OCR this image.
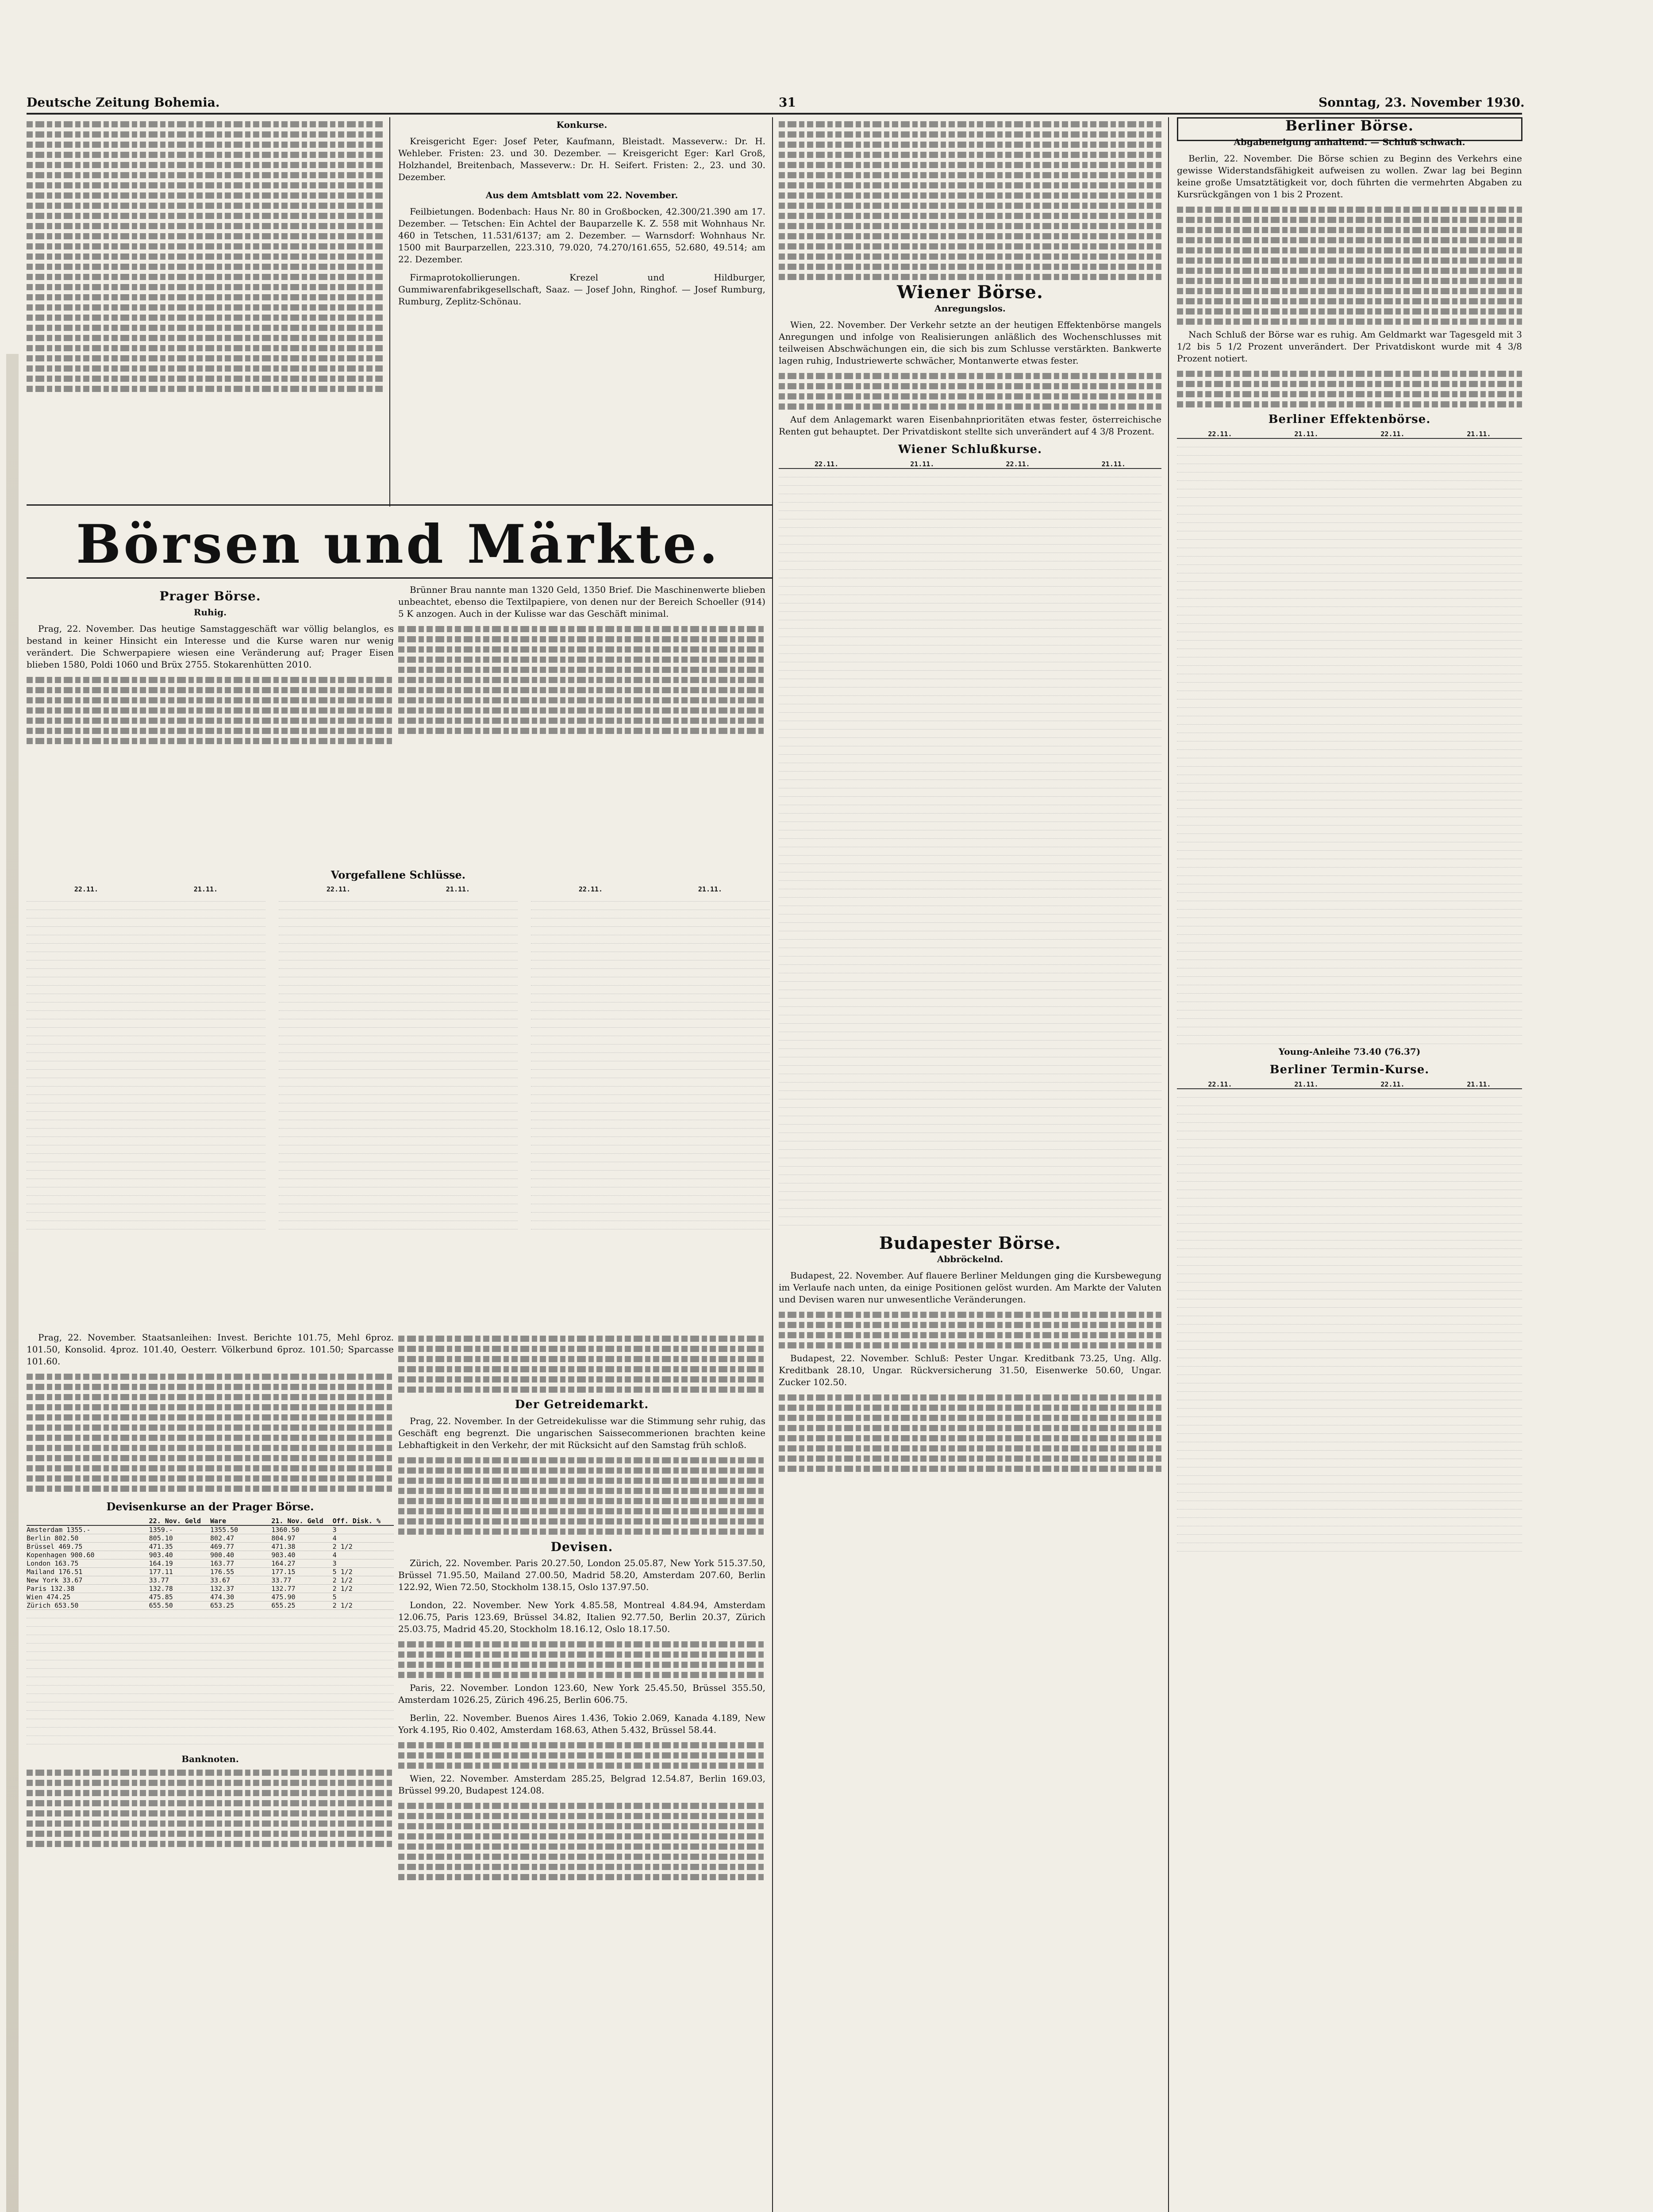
Deutsche Zeitung Bohemia.	31	Sonntag, 23. November 1930.
Konkurse.

Kreisgericht Eger: Josef Peter, Kaufmann, Bleistadt. Masseverw.: Dr. H. Wehleber. Fristen: 23. und 30. Dezember. — Kreisgericht Eger: Karl Groß, Holzhandel, Breitenbach, Masseverw.: Dr. H. Seifert. Fristen: 2., 23. und 30. Dezember.

Aus dem Amtsblatt vom 22. November.

Feilbietungen. Bodenbach: Haus Nr. 80 in Großbocken, 42.300/21.390 am 17. Dezember. — Tetschen: Ein Achtel der Bauparzelle K. Z. 558 mit Wohnhaus Nr. 460 in Tetschen, 11.531/6137; am 2. Dezember. — Warnsdorf: Wohnhaus Nr. 1500 mit Baurparzellen, 223.310, 79.020, 74.270/161.655, 52.680, 49.514; am 22. Dezember.

Firmaprotokollierungen. Krezel und Hildburger, Gummiwarenfabrikgesellschaft, Saaz. — Josef John, Ringhof. — Josef Rumburg, Rumburg, Zeplitz-Schönau.

Börsen und Märkte.
Prager Börse.
Ruhig.

Prag, 22. November. Das heutige Samstaggeschäft war völlig belanglos, es bestand in keiner Hinsicht ein Interesse und die Kurse waren nur wenig verändert. Die Schwerpapiere wiesen eine Veränderung auf; Prager Eisen blieben 1580, Poldi 1060 und Brüx 2755. Stokarenhütten 2010.

Brünner Brau nannte man 1320 Geld, 1350 Brief. Die Maschinenwerte blieben unbeachtet, ebenso die Textilpapiere, von denen nur der Bereich Schoeller (914) 5 K anzogen. Auch in der Kulisse war das Geschäft minimal.

Vorgefallene Schlüsse.
22.11.	21.11.	22.11.	21.11.	22.11.	21.11.

Prag, 22. November. Staatsanleihen: Invest. Berichte 101.75, Mehl 6proz. 101.50, Konsolid. 4proz. 101.40, Oesterr. Völkerbund 6proz. 101.50; Sparcasse 101.60.

Devisenkurse an der Prager Börse.
22. Nov. Geld	Ware	21. Nov. Geld	Off. Disk. %
Amsterdam 1355.-	1359.-	1355.50	1360.50	3
Berlin 802.50	805.10	802.47	804.97	4
Brüssel 469.75	471.35	469.77	471.38	2 1/2
Kopenhagen 900.60	903.40	900.40	903.40	4
London 163.75	164.19	163.77	164.27	3
Mailand 176.51	177.11	176.55	177.15	5 1/2
New York 33.67	33.77	33.67	33.77	2 1/2
Paris 132.38	132.78	132.37	132.77	2 1/2
Wien 474.25	475.85	474.30	475.90	5
Zürich 653.50	655.50	653.25	655.25	2 1/2
Banknoten.
Der Getreidemarkt.

Prag, 22. November. In der Getreidekulisse war die Stimmung sehr ruhig, das Geschäft eng begrenzt. Die ungarischen Saissecommerionen brachten keine Lebhaftigkeit in den Verkehr, der mit Rücksicht auf den Samstag früh schloß.

Devisen.

Zürich, 22. November. Paris 20.27.50, London 25.05.87, New York 515.37.50, Brüssel 71.95.50, Mailand 27.00.50, Madrid 58.20, Amsterdam 207.60, Berlin 122.92, Wien 72.50, Stockholm 138.15, Oslo 137.97.50.

London, 22. November. New York 4.85.58, Montreal 4.84.94, Amsterdam 12.06.75, Paris 123.69, Brüssel 34.82, Italien 92.77.50, Berlin 20.37, Zürich 25.03.75, Madrid 45.20, Stockholm 18.16.12, Oslo 18.17.50.

Paris, 22. November. London 123.60, New York 25.45.50, Brüssel 355.50, Amsterdam 1026.25, Zürich 496.25, Berlin 606.75.

Berlin, 22. November. Buenos Aires 1.436, Tokio 2.069, Kanada 4.189, New York 4.195, Rio 0.402, Amsterdam 168.63, Athen 5.432, Brüssel 58.44.

Wien, 22. November. Amsterdam 285.25, Belgrad 12.54.87, Berlin 169.03, Brüssel 99.20, Budapest 124.08.

Wiener Börse.
Anregungslos.

Wien, 22. November. Der Verkehr setzte an der heutigen Effektenbörse mangels Anregungen und infolge von Realisierungen anläßlich des Wochenschlusses mit teilweisen Abschwächungen ein, die sich bis zum Schlusse verstärkten. Bankwerte lagen ruhig, Industriewerte schwächer, Montanwerte etwas fester.

Auf dem Anlagemarkt waren Eisenbahnprioritäten etwas fester, österreichische Renten gut behauptet. Der Privatdiskont stellte sich unverändert auf 4 3/8 Prozent.

Wiener Schlußkurse.
22.11.	21.11.	22.11.	21.11.
Budapester Börse.
Abbröckelnd.

Budapest, 22. November. Auf flauere Berliner Meldungen ging die Kursbewegung im Verlaufe nach unten, da einige Positionen gelöst wurden. Am Markte der Valuten und Devisen waren nur unwesentliche Veränderungen.

Budapest, 22. November. Schluß: Pester Ungar. Kreditbank 73.25, Ung. Allg. Kreditbank 28.10, Ungar. Rückversicherung 31.50, Eisenwerke 50.60, Ungar. Zucker 102.50.

Berliner Börse.
Abgabeneigung anhaltend. — Schluß schwach.

Berlin, 22. November. Die Börse schien zu Beginn des Verkehrs eine gewisse Widerstandsfähigkeit aufweisen zu wollen. Zwar lag bei Beginn keine große Umsatztätigkeit vor, doch führten die vermehrten Abgaben zu Kursrückgängen von 1 bis 2 Prozent.

Nach Schluß der Börse war es ruhig. Am Geldmarkt war Tagesgeld mit 3 1/2 bis 5 1/2 Prozent unverändert. Der Privatdiskont wurde mit 4 3/8 Prozent notiert.

Berliner Effektenbörse.
22.11.	21.11.	22.11.	21.11.
Young-Anleihe 73.40 (76.37)
Berliner Termin-Kurse.
22.11.	21.11.	22.11.	21.11.
